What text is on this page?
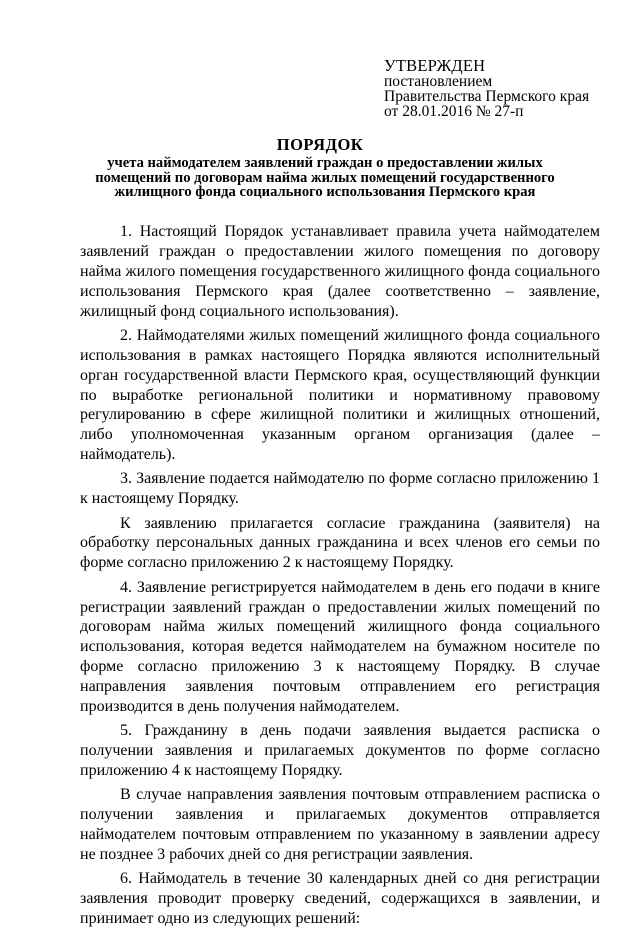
УТВЕРЖДЕН
постановлением
Правительства Пермского края
от 28.01.2016 № 27-п
ПОРЯДОК
учета наймодателем заявлений граждан о предоставлении жилых помещений по договорам найма жилых помещений государственного жилищного фонда социального использования Пермского края

1. Настоящий Порядок устанавливает правила учета наймодателем заявлений граждан о предоставлении жилого помещения по договору найма жилого помещения государственного жилищного фонда социального использования Пермского края (далее соответственно – заявление, жилищный фонд социального использования).

2. Наймодателями жилых помещений жилищного фонда социального использования в рамках настоящего Порядка являются исполнительный орган государственной власти Пермского края, осуществляющий функции по выработке региональной политики и нормативному правовому регулированию в сфере жилищной политики и жилищных отношений, либо уполномоченная указанным органом организация (далее – наймодатель).

3. Заявление подается наймодателю по форме согласно приложению 1 к настоящему Порядку.

К заявлению прилагается согласие гражданина (заявителя) на обработку персональных данных гражданина и всех членов его семьи по форме согласно приложению 2 к настоящему Порядку.

4. Заявление регистрируется наймодателем в день его подачи в книге регистрации заявлений граждан о предоставлении жилых помещений по договорам найма жилых помещений жилищного фонда социального использования, которая ведется наймодателем на бумажном носителе по форме согласно приложению 3 к настоящему Порядку. В случае направления заявления почтовым отправлением его регистрация производится в день получения наймодателем.

5. Гражданину в день подачи заявления выдается расписка о получении заявления и прилагаемых документов по форме согласно приложению 4 к настоящему Порядку.

В случае направления заявления почтовым отправлением расписка о получении заявления и прилагаемых документов отправляется наймодателем почтовым отправлением по указанному в заявлении адресу не позднее 3 рабочих дней со дня регистрации заявления.

6. Наймодатель в течение 30 календарных дней со дня регистрации заявления проводит проверку сведений, содержащихся в заявлении, и принимает одно из следующих решений:
